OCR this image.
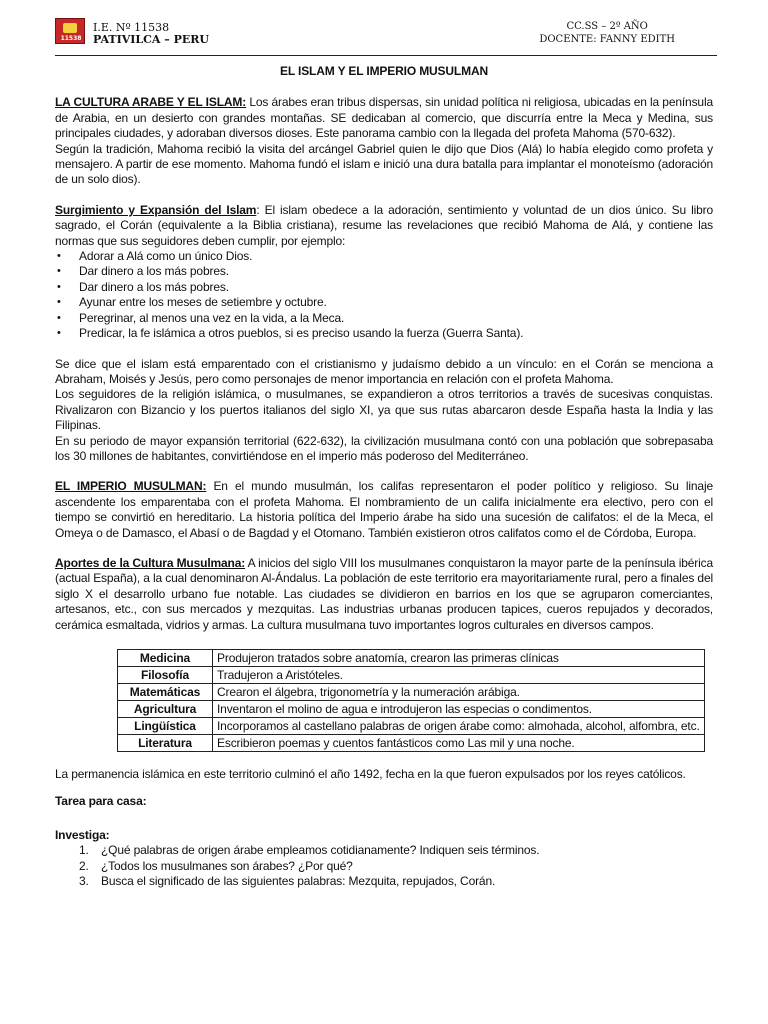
11538
I.E. Nº 11538
PATIVILCA – PERU
CC.SS – 2º AÑO
DOCENTE: FANNY EDITH
EL ISLAM Y EL IMPERIO MUSULMAN

LA CULTURA ARABE Y EL ISLAM: Los árabes eran tribus dispersas, sin unidad política ni religiosa, ubicadas en la península de Arabia, en un desierto con grandes montañas. SE dedicaban al comercio, que discurría entre la Meca y Medina, sus principales ciudades, y adoraban diversos dioses. Este panorama cambio con la llegada del profeta Mahoma (570-632).

Según la tradición, Mahoma recibió la visita del arcángel Gabriel quien le dijo que Dios (Alá) lo había elegido como profeta y mensajero. A partir de ese momento. Mahoma fundó el islam e inició una dura batalla para implantar el monoteísmo (adoración de un solo dios).

Surgimiento y Expansión del Islam: El islam obedece a la adoración, sentimiento y voluntad de un dios único. Su libro sagrado, el Corán (equivalente a la Biblia cristiana), resume las revelaciones que recibió Mahoma de Alá, y contiene las normas que sus seguidores deben cumplir, por ejemplo:

• Adorar a Alá como un único Dios.
• Dar dinero a los más pobres.
• Dar dinero a los más pobres.
• Ayunar entre los meses de setiembre y octubre.
• Peregrinar, al menos una vez en la vida, a la Meca.
• Predicar, la fe islámica a otros pueblos, si es preciso usando la fuerza (Guerra Santa).

Se dice que el islam está emparentado con el cristianismo y judaísmo debido a un vínculo: en el Corán se menciona a Abraham, Moisés y Jesús, pero como personajes de menor importancia en relación con el profeta Mahoma.

Los seguidores de la religión islámica, o musulmanes, se expandieron a otros territorios a través de sucesivas conquistas. Rivalizaron con Bizancio y los puertos italianos del siglo XI, ya que sus rutas abarcaron desde España hasta la India y las Filipinas.

En su periodo de mayor expansión territorial (622-632), la civilización musulmana contó con una población que sobrepasaba los 30 millones de habitantes, convirtiéndose en el imperio más poderoso del Mediterráneo.

EL IMPERIO MUSULMAN: En el mundo musulmán, los califas representaron el poder político y religioso. Su linaje ascendente los emparentaba con el profeta Mahoma. El nombramiento de un califa inicialmente era electivo, pero con el tiempo se convirtió en hereditario. La historia política del Imperio árabe ha sido una sucesión de califatos: el de la Meca, el Omeya o de Damasco, el Abasí o de Bagdad y el Otomano. También existieron otros califatos como el de Córdoba, Europa.

Aportes de la Cultura Musulmana: A inicios del siglo VIII los musulmanes conquistaron la mayor parte de la península ibérica (actual España), a la cual denominaron Al-Ándalus. La población de este territorio era mayoritariamente rural, pero a finales del siglo X el desarrollo urbano fue notable. Las ciudades se dividieron en barrios en los que se agruparon comerciantes, artesanos, etc., con sus mercados y mezquitas. Las industrias urbanas producen tapices, cueros repujados y decorados, cerámica esmaltada, vidrios y armas. La cultura musulmana tuvo importantes logros culturales en diversos campos.

Medicina	Produjeron tratados sobre anatomía, crearon las primeras clínicas
Filosofía	Tradujeron a Aristóteles.
Matemáticas	Crearon el álgebra, trigonometría y la numeración arábiga.
Agricultura	Inventaron el molino de agua e introdujeron las especias o condimentos.
Lingüística	Incorporamos al castellano palabras de origen árabe como: almohada, alcohol, alfombra, etc.
Literatura	Escribieron poemas y cuentos fantásticos como Las mil y una noche.

La permanencia islámica en este territorio culminó el año 1492, fecha en la que fueron expulsados por los reyes católicos.

Tarea para casa:
Investiga:
1. ¿Qué palabras de origen árabe empleamos cotidianamente? Indiquen seis términos.
2. ¿Todos los musulmanes son árabes? ¿Por qué?
3. Busca el significado de las siguientes palabras: Mezquita, repujados, Corán.
